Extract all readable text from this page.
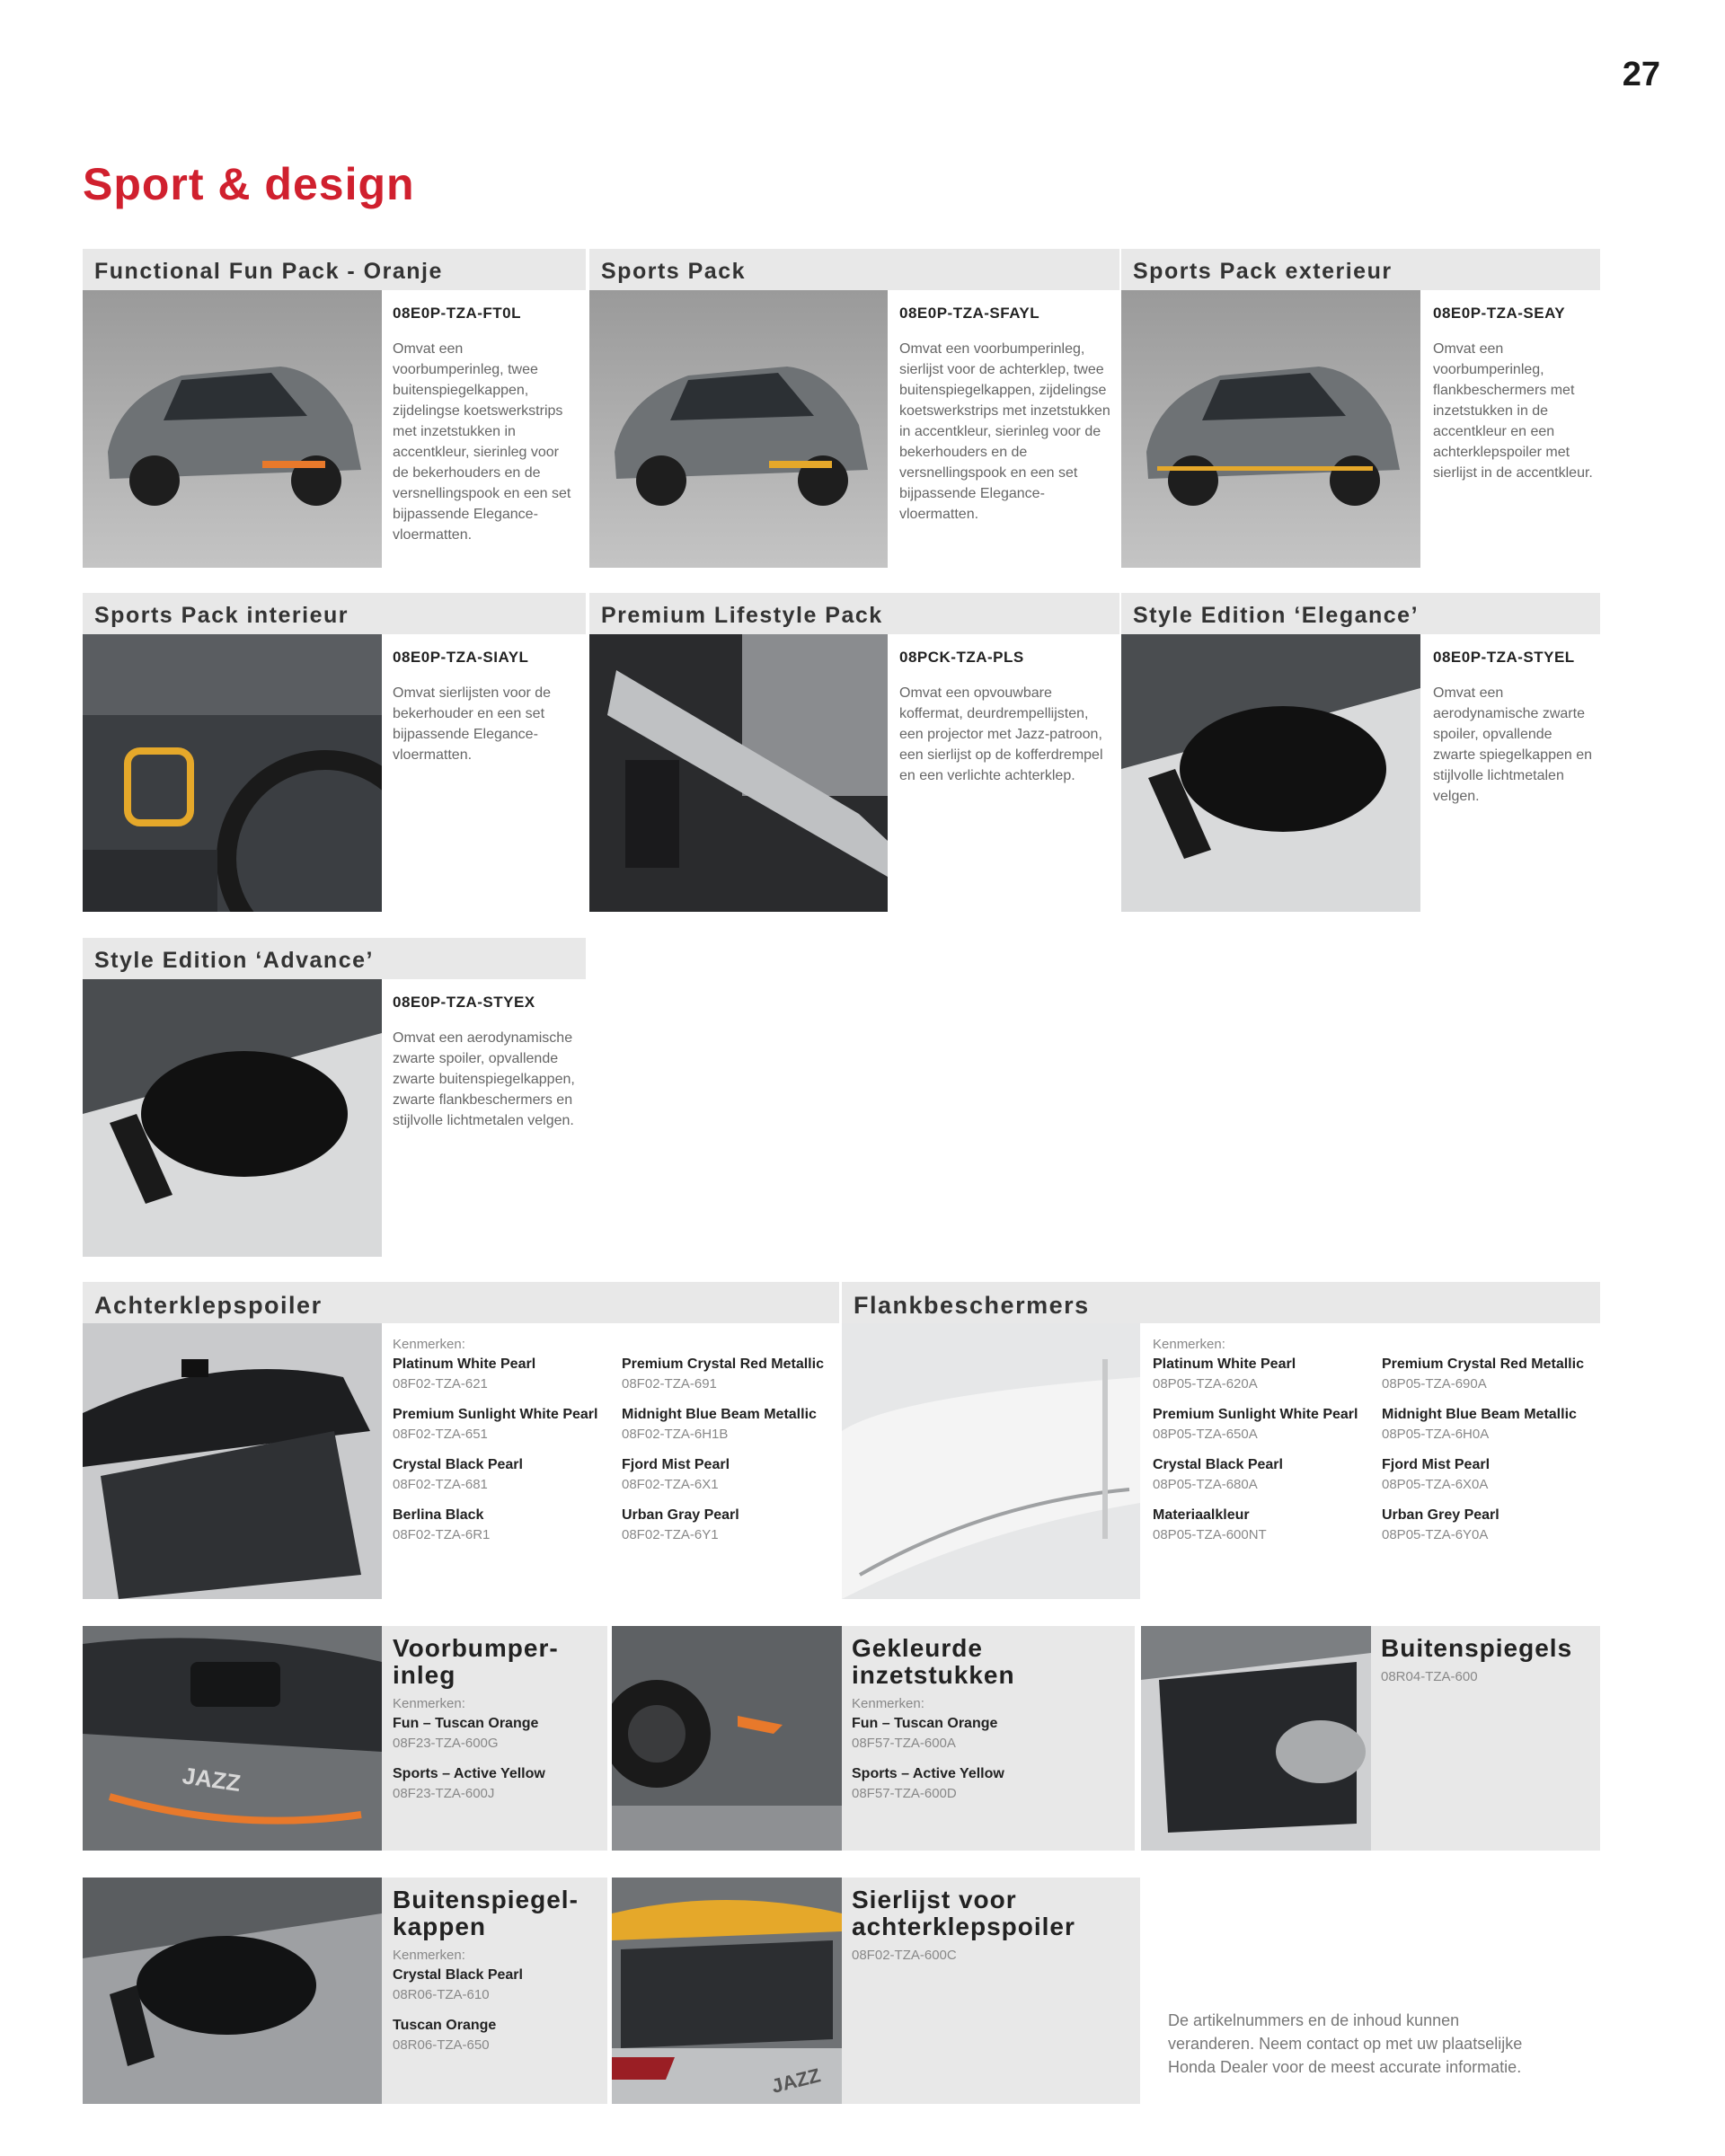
27
Sport & design
Functional Fun Pack - Oranje
08E0P-TZA-FT0L
Omvat een voorbumperinleg, twee buitenspiegelkappen, zijdelingse koetswerkstrips met inzetstukken in accentkleur, sierinleg voor de bekerhouders en de versnellingspook en een set bijpassende Elegance-vloermatten.
Sports Pack
08E0P-TZA-SFAYL
Omvat een voorbumperinleg, sierlijst voor de achterklep, twee buitenspiegelkappen, zijdelingse koetswerkstrips met inzetstukken in accentkleur, sierinleg voor de bekerhouders en de versnellingspook en een set bijpassende Elegance-vloermatten.
Sports Pack exterieur
08E0P-TZA-SEAY
Omvat een voorbumperinleg, flankbeschermers met inzetstukken in de accentkleur en een achterklepspoiler met sierlijst in de accentkleur.
Sports Pack interieur
08E0P-TZA-SIAYL
Omvat sierlijsten voor de bekerhouder en een set bijpassende Elegance-vloermatten.
Premium Lifestyle Pack
08PCK-TZA-PLS
Omvat een opvouwbare koffermat, deurdrempellijsten, een projector met Jazz-patroon, een sierlijst op de kofferdrempel en een verlichte achterklep.
Style Edition ‘Elegance’
08E0P-TZA-STYEL
Omvat een aerodynamische zwarte spoiler, opvallende zwarte spiegelkappen en stijlvolle lichtmetalen velgen.
Style Edition ‘Advance’
08E0P-TZA-STYEX
Omvat een aerodynamische zwarte spoiler, opvallende zwarte buitenspiegelkappen, zwarte flankbeschermers en stijlvolle lichtmetalen velgen.
Achterklepspoiler
Kenmerken:
Platinum White Pearl
08F02-TZA-621
Premium Sunlight White Pearl
08F02-TZA-651
Crystal Black Pearl
08F02-TZA-681
Berlina Black
08F02-TZA-6R1
Premium Crystal Red Metallic
08F02-TZA-691
Midnight Blue Beam Metallic
08F02-TZA-6H1B
Fjord Mist Pearl
08F02-TZA-6X1
Urban Gray Pearl
08F02-TZA-6Y1
Flankbeschermers
Kenmerken:
Platinum White Pearl
08P05-TZA-620A
Premium Sunlight White Pearl
08P05-TZA-650A
Crystal Black Pearl
08P05-TZA-680A
Materiaalkleur
08P05-TZA-600NT
Premium Crystal Red Metallic
08P05-TZA-690A
Midnight Blue Beam Metallic
08P05-TZA-6H0A
Fjord Mist Pearl
08P05-TZA-6X0A
Urban Grey Pearl
08P05-TZA-6Y0A
JAZZ
Voorbumper-inleg
Kenmerken:
Fun – Tuscan Orange
08F23-TZA-600G
Sports – Active Yellow
08F23-TZA-600J
Gekleurde inzetstukken
Kenmerken:
Fun – Tuscan Orange
08F57-TZA-600A
Sports – Active Yellow
08F57-TZA-600D
Buitenspiegels
08R04-TZA-600
Buitenspiegel-kappen
Kenmerken:
Crystal Black Pearl
08R06-TZA-610
Tuscan Orange
08R06-TZA-650
JAZZ
Sierlijst voor achterklepspoiler
08F02-TZA-600C
De artikelnummers en de inhoud kunnen veranderen. Neem contact op met uw plaatselijke Honda Dealer voor de meest accurate informatie.
